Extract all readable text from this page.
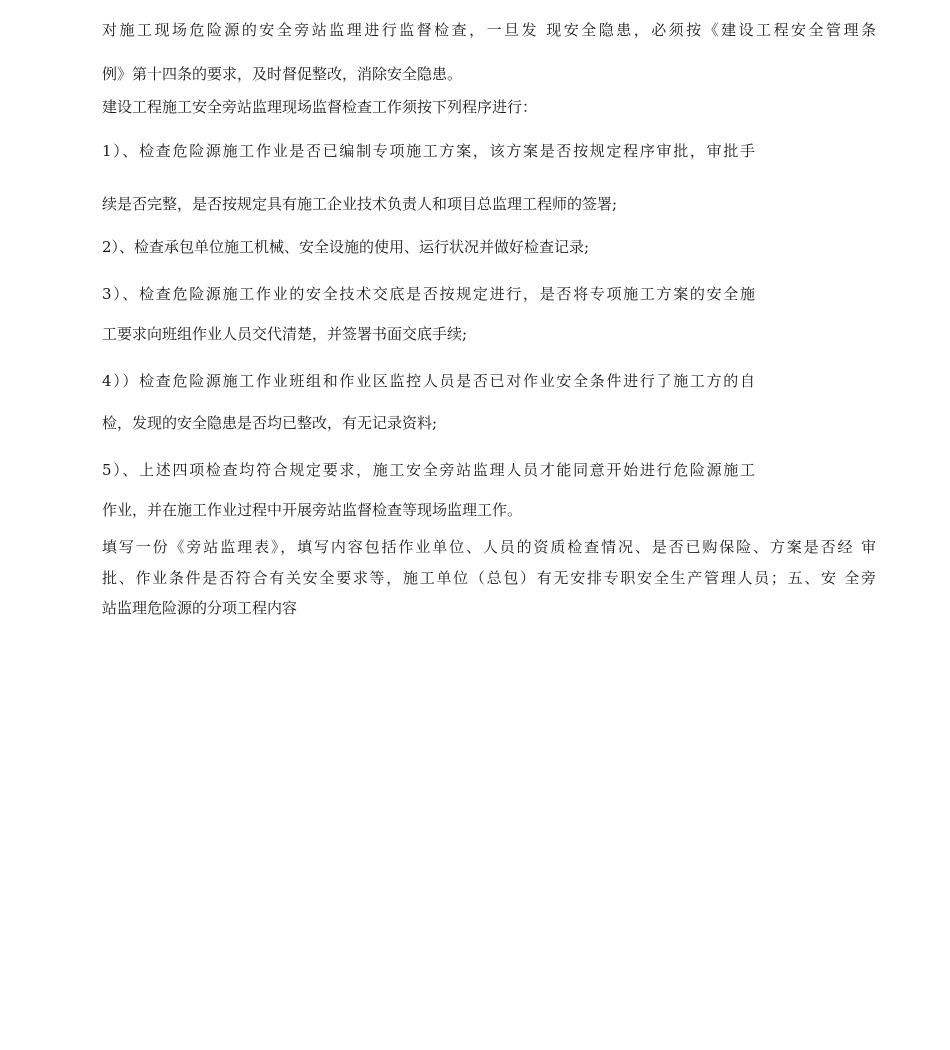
对施工现场危险源的安全旁站监理进行监督检查，一旦发 现安全隐患，必须按《建设工程安全管理条

例》第十四条的要求，及时督促整改，消除安全隐患。

建设工程施工安全旁站监理现场监督检查工作须按下列程序进行：

1）、检查危险源施工作业是否已编制专项施工方案，该方案是否按规定程序审批，审批手

续是否完整，是否按规定具有施工企业技术负责人和项目总监理工程师的签署;

2）、检查承包单位施工机械、安全设施的使用、运行状况并做好检查记录;

3）、检查危险源施工作业的安全技术交底是否按规定进行，是否将专项施工方案的安全施

工要求向班组作业人员交代清楚，并签署书面交底手续;

4））检查危险源施工作业班组和作业区监控人员是否已对作业安全条件进行了施工方的自

检，发现的安全隐患是否均已整改，有无记录资料;

5）、上述四项检查均符合规定要求，施工安全旁站监理人员才能同意开始进行危险源施工

作业，并在施工作业过程中开展旁站监督检查等现场监理工作。

填写一份《旁站监理表》，填写内容包括作业单位、人员的资质检查情况、是否已购保险、方案是否经 审

批、作业条件是否符合有关安全要求等，施工单位（总包）有无安排专职安全生产管理人员；五、安 全旁

站监理危险源的分项工程内容
